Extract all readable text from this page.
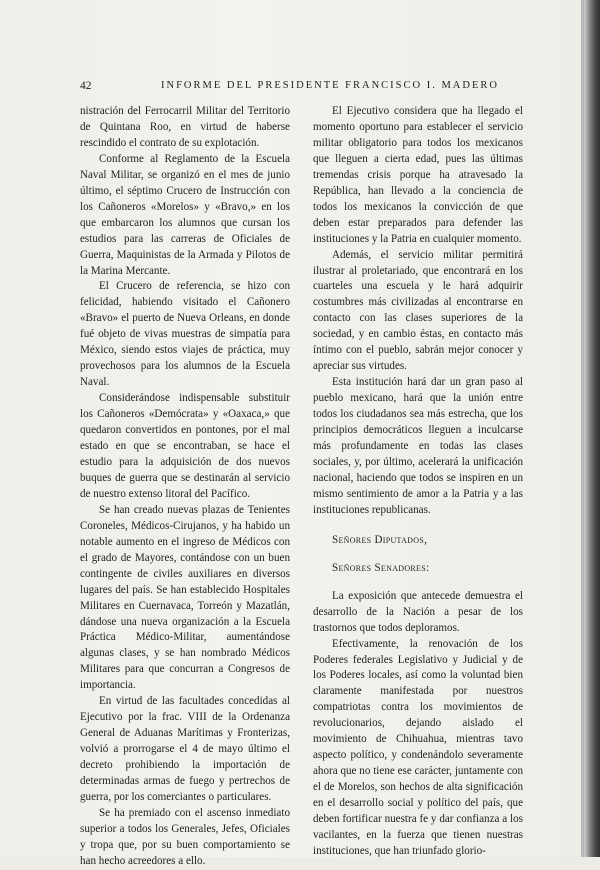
42	INFORME DEL PRESIDENTE FRANCISCO I. MADERO

nistración del Ferrocarril Militar del Territorio de Quintana Roo, en virtud de haberse rescindido el contrato de su explotación.

Conforme al Reglamento de la Escuela Naval Militar, se organizó en el mes de junio último, el séptimo Crucero de Instrucción con los Cañoneros «Morelos» y «Bravo,» en los que embarcaron los alumnos que cursan los estudios para las carreras de Oficiales de Guerra, Maquinistas de la Armada y Pilotos de la Marina Mercante.

El Crucero de referencia, se hizo con felicidad, habiendo visitado el Cañonero «Bravo» el puerto de Nueva Orleans, en donde fué objeto de vivas muestras de simpatía para México, siendo estos viajes de práctica, muy provechosos para los alumnos de la Escuela Naval.

Considerándose indispensable substituir los Cañoneros «Demócrata» y «Oaxaca,» que quedaron convertidos en pontones, por el mal estado en que se encontraban, se hace el estudio para la adquisición de dos nuevos buques de guerra que se destinarán al servicio de nuestro extenso litoral del Pacífico.

Se han creado nuevas plazas de Tenientes Coroneles, Médicos-Cirujanos, y ha habido un notable aumento en el ingreso de Médicos con el grado de Mayores, contándose con un buen contingente de civiles auxiliares en diversos lugares del país. Se han establecido Hospitales Militares en Cuernavaca, Torreón y Mazatlán, dándose una nueva organización a la Escuela Práctica Médico-Militar, aumentándose algunas clases, y se han nombrado Médicos Militares para que concurran a Congresos de importancia.

En virtud de las facultades concedidas al Ejecutivo por la frac. VIII de la Ordenanza General de Aduanas Marítimas y Fronterizas, volvió a prorrogarse el 4 de mayo último el decreto prohibiendo la importación de determinadas armas de fuego y pertrechos de guerra, por los comerciantes o particulares.

Se ha premiado con el ascenso inmediato superior a todos los Generales, Jefes, Oficiales y tropa que, por su buen comportamiento se han hecho acreedores a ello.

El Ejecutivo considera que ha llegado el momento oportuno para establecer el servicio militar obligatorio para todos los mexicanos que lleguen a cierta edad, pues las últimas tremendas crisis porque ha atravesado la República, han llevado a la conciencia de todos los mexicanos la convicción de que deben estar preparados para defender las instituciones y la Patria en cualquier momento.

Además, el servicio militar permitirá ilustrar al proletariado, que encontrará en los cuarteles una escuela y le hará adquirir costumbres más civilizadas al encontrarse en contacto con las clases superiores de la sociedad, y en cambio éstas, en contacto más íntimo con el pueblo, sabrán mejor conocer y apreciar sus virtudes.

Esta institución hará dar un gran paso al pueblo mexicano, hará que la unión entre todos los ciudadanos sea más estrecha, que los principios democráticos lleguen a inculcarse más profundamente en todas las clases sociales, y, por último, acelerará la unificación nacional, haciendo que todos se inspiren en un mismo sentimiento de amor a la Patria y a las instituciones republicanas.

Señores Diputados,

Señores Senadores:

La exposición que antecede demuestra el desarrollo de la Nación a pesar de los trastornos que todos deploramos.

Efectivamente, la renovación de los Poderes federales Legislativo y Judicial y de los Poderes locales, así como la voluntad bien claramente manifestada por nuestros compatriotas contra los movimientos de revolucionarios, dejando aislado el movimiento de Chihuahua, mientras tavo aspecto político, y condenándolo severamente ahora que no tiene ese carácter, juntamente con el de Morelos, son hechos de alta significación en el desarrollo social y político del país, que deben fortificar nuestra fe y dar confianza a los vacilantes, en la fuerza que tienen nuestras instituciones, que han triunfado glorio-
